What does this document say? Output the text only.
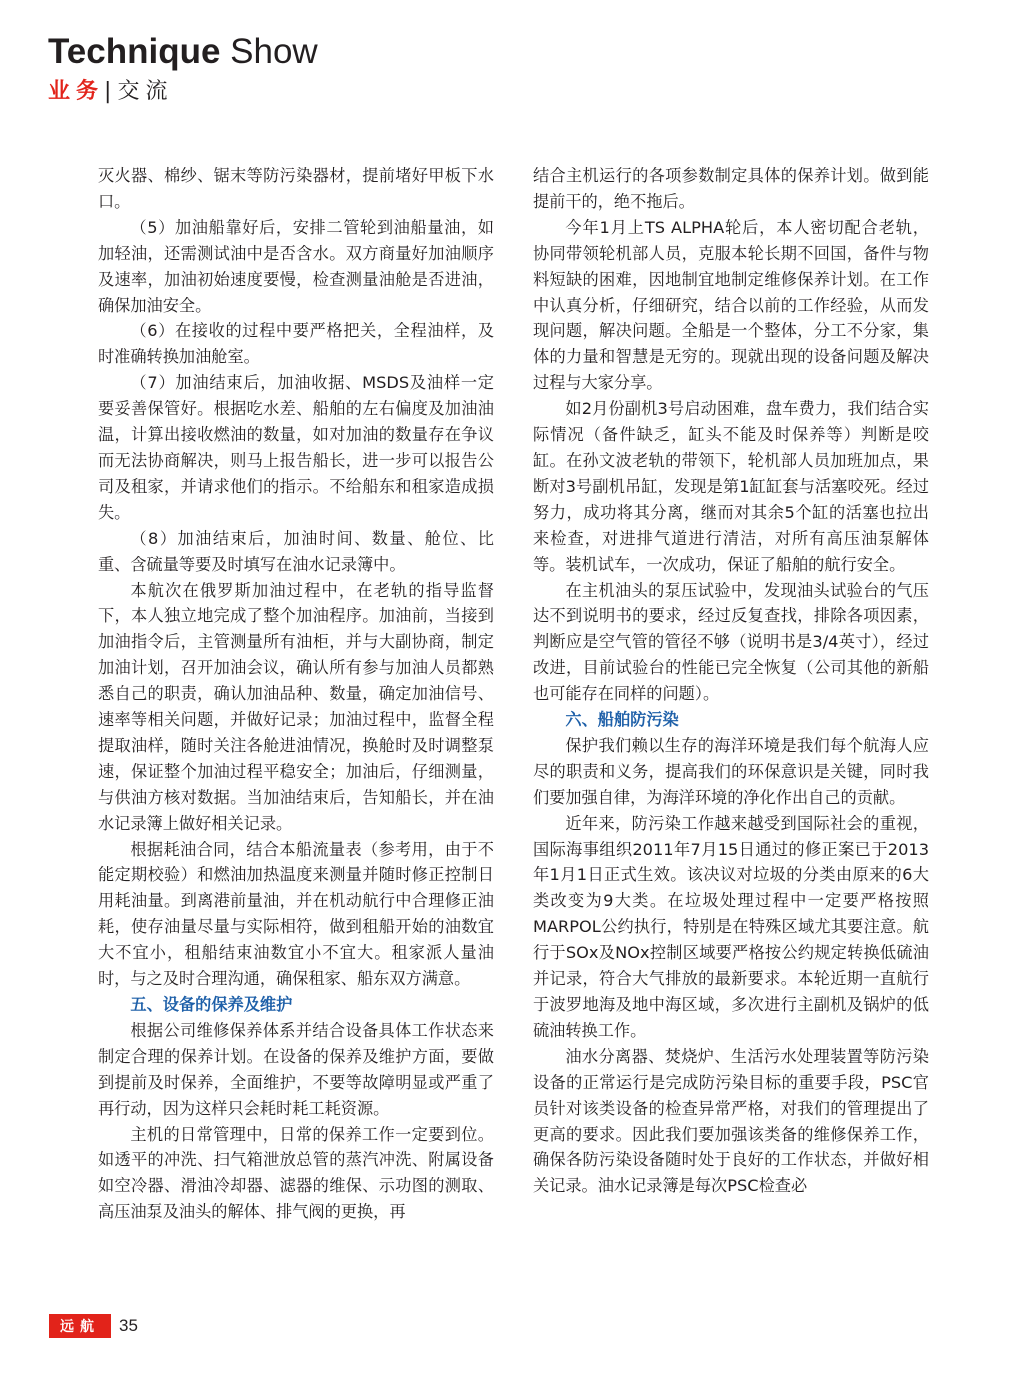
Technique Show
业务| 交流

灭火器、棉纱、锯末等防污染器材，提前堵好甲板下水口。

（5）加油船靠好后，安排二管轮到油船量油，如加轻油，还需测试油中是否含水。双方商量好加油顺序及速率，加油初始速度要慢，检查测量油舱是否进油，确保加油安全。

（6）在接收的过程中要严格把关，全程油样，及时准确转换加油舱室。

（7）加油结束后，加油收据、MSDS及油样一定要妥善保管好。根据吃水差、船舶的左右偏度及加油油温，计算出接收燃油的数量，如对加油的数量存在争议而无法协商解决，则马上报告船长，进一步可以报告公司及租家，并请求他们的指示。不给船东和租家造成损失。

（8）加油结束后，加油时间、数量、舱位、比重、含硫量等要及时填写在油水记录簿中。

本航次在俄罗斯加油过程中，在老轨的指导监督下，本人独立地完成了整个加油程序。加油前，当接到加油指令后，主管测量所有油柜，并与大副协商，制定加油计划，召开加油会议，确认所有参与加油人员都熟悉自己的职责，确认加油品种、数量，确定加油信号、速率等相关问题，并做好记录；加油过程中，监督全程提取油样，随时关注各舱进油情况，换舱时及时调整泵速，保证整个加油过程平稳安全；加油后，仔细测量，与供油方核对数据。当加油结束后，告知船长，并在油水记录簿上做好相关记录。

根据耗油合同，结合本船流量表（参考用，由于不能定期校验）和燃油加热温度来测量并随时修正控制日用耗油量。到离港前量油，并在机动航行中合理修正油耗，使存油量尽量与实际相符，做到租船开始的油数宜大不宜小，租船结束油数宜小不宜大。租家派人量油时，与之及时合理沟通，确保租家、船东双方满意。

五、设备的保养及维护

根据公司维修保养体系并结合设备具体工作状态来制定合理的保养计划。在设备的保养及维护方面，要做到提前及时保养，全面维护，不要等故障明显或严重了再行动，因为这样只会耗时耗工耗资源。

主机的日常管理中，日常的保养工作一定要到位。如透平的冲洗、扫气箱泄放总管的蒸汽冲洗、附属设备如空冷器、滑油冷却器、滤器的维保、示功图的测取、高压油泵及油头的解体、排气阀的更换，再

结合主机运行的各项参数制定具体的保养计划。做到能提前干的，绝不拖后。

今年1月上TS ALPHA轮后，本人密切配合老轨，协同带领轮机部人员，克服本轮长期不回国，备件与物料短缺的困难，因地制宜地制定维修保养计划。在工作中认真分析，仔细研究，结合以前的工作经验，从而发现问题，解决问题。全船是一个整体，分工不分家，集体的力量和智慧是无穷的。现就出现的设备问题及解决过程与大家分享。

如2月份副机3号启动困难，盘车费力，我们结合实际情况（备件缺乏，缸头不能及时保养等）判断是咬缸。在孙文波老轨的带领下，轮机部人员加班加点，果断对3号副机吊缸，发现是第1缸缸套与活塞咬死。经过努力，成功将其分离，继而对其余5个缸的活塞也拉出来检查，对进排气道进行清洁，对所有高压油泵解体等。装机试车，一次成功，保证了船舶的航行安全。

在主机油头的泵压试验中，发现油头试验台的气压达不到说明书的要求，经过反复查找，排除各项因素，判断应是空气管的管径不够（说明书是3/4英寸），经过改进，目前试验台的性能已完全恢复（公司其他的新船也可能存在同样的问题）。

六、船舶防污染

保护我们赖以生存的海洋环境是我们每个航海人应尽的职责和义务，提高我们的环保意识是关键，同时我们要加强自律，为海洋环境的净化作出自己的贡献。

近年来，防污染工作越来越受到国际社会的重视，国际海事组织2011年7月15日通过的修正案已于2013年1月1日正式生效。该决议对垃圾的分类由原来的6大类改变为9大类。在垃圾处理过程中一定要严格按照MARPOL公约执行，特别是在特殊区域尤其要注意。航行于SOx及NOx控制区域要严格按公约规定转换低硫油并记录，符合大气排放的最新要求。本轮近期一直航行于波罗地海及地中海区域，多次进行主副机及锅炉的低硫油转换工作。

油水分离器、焚烧炉、生活污水处理装置等防污染设备的正常运行是完成防污染目标的重要手段，PSC官员针对该类设备的检查异常严格，对我们的管理提出了更高的要求。因此我们要加强该类备的维修保养工作，确保各防污染设备随时处于良好的工作状态，并做好相关记录。油水记录簿是每次PSC检查必

远航	35
